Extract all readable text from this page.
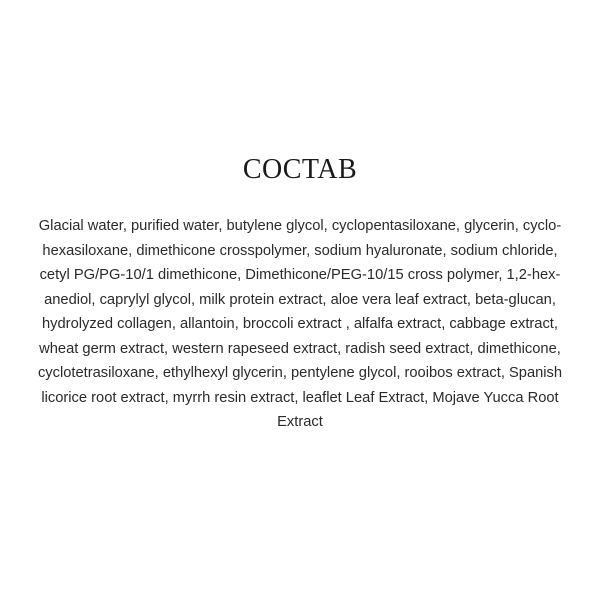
COCTAB

Glacial water, purified water, butylene glycol, cyclopentasiloxane, glycerin, cyclo-
hexasiloxane, dimethicone crosspolymer, sodium hyaluronate, sodium chloride,
cetyl PG/PG-10/1 dimethicone, Dimethicone/PEG-10/15 cross polymer, 1,2-hex-
anediol, caprylyl glycol, milk protein extract, aloe vera leaf extract, beta-glucan,
hydrolyzed collagen, allantoin, broccoli extract , alfalfa extract, cabbage extract,
wheat germ extract, western rapeseed extract, radish seed extract, dimethicone,
cyclotetrasiloxane, ethylhexyl glycerin, pentylene glycol, rooibos extract, Spanish
licorice root extract, myrrh resin extract, leaflet Leaf Extract, Mojave Yucca Root
Extract
